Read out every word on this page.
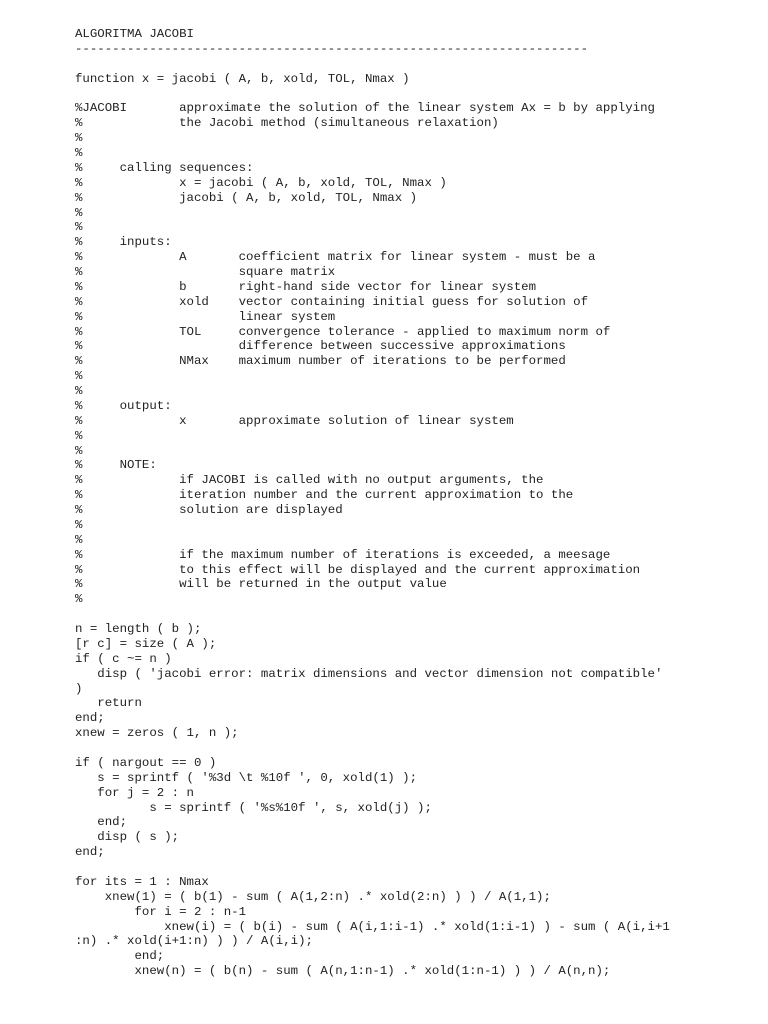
ALGORITMA JACOBI
---------------------------------------------------------------------
function x = jacobi ( A, b, xold, TOL, Nmax )
%JACOBI       approximate the solution of the linear system Ax = b by applying
%             the Jacobi method (simultaneous relaxation)
%
%
%     calling sequences:
%             x = jacobi ( A, b, xold, TOL, Nmax )
%             jacobi ( A, b, xold, TOL, Nmax )
%
%
%     inputs:
%             A       coefficient matrix for linear system - must be a
%                     square matrix
%             b       right-hand side vector for linear system
%             xold    vector containing initial guess for solution of
%                     linear system
%             TOL     convergence tolerance - applied to maximum norm of
%                     difference between successive approximations
%             NMax    maximum number of iterations to be performed
%
%
%     output:
%             x       approximate solution of linear system
%
%
%     NOTE:
%             if JACOBI is called with no output arguments, the
%             iteration number and the current approximation to the
%             solution are displayed
%
%
%             if the maximum number of iterations is exceeded, a meesage
%             to this effect will be displayed and the current approximation
%             will be returned in the output value
%
n = length ( b );
[r c] = size ( A );
if ( c ~= n )
disp ( 'jacobi error: matrix dimensions and vector dimension not compatible'
)
return
end;
xnew = zeros ( 1, n );
if ( nargout == 0 )
s = sprintf ( '%3d \t %10f ', 0, xold(1) );
for j = 2 : n
s = sprintf ( '%s%10f ', s, xold(j) );
end;
disp ( s );
end;
for its = 1 : Nmax
xnew(1) = ( b(1) - sum ( A(1,2:n) .* xold(2:n) ) ) / A(1,1);
for i = 2 : n-1
xnew(i) = ( b(i) - sum ( A(i,1:i-1) .* xold(1:i-1) ) - sum ( A(i,i+1
:n) .* xold(i+1:n) ) ) / A(i,i);
end;
xnew(n) = ( b(n) - sum ( A(n,1:n-1) .* xold(1:n-1) ) ) / A(n,n);
